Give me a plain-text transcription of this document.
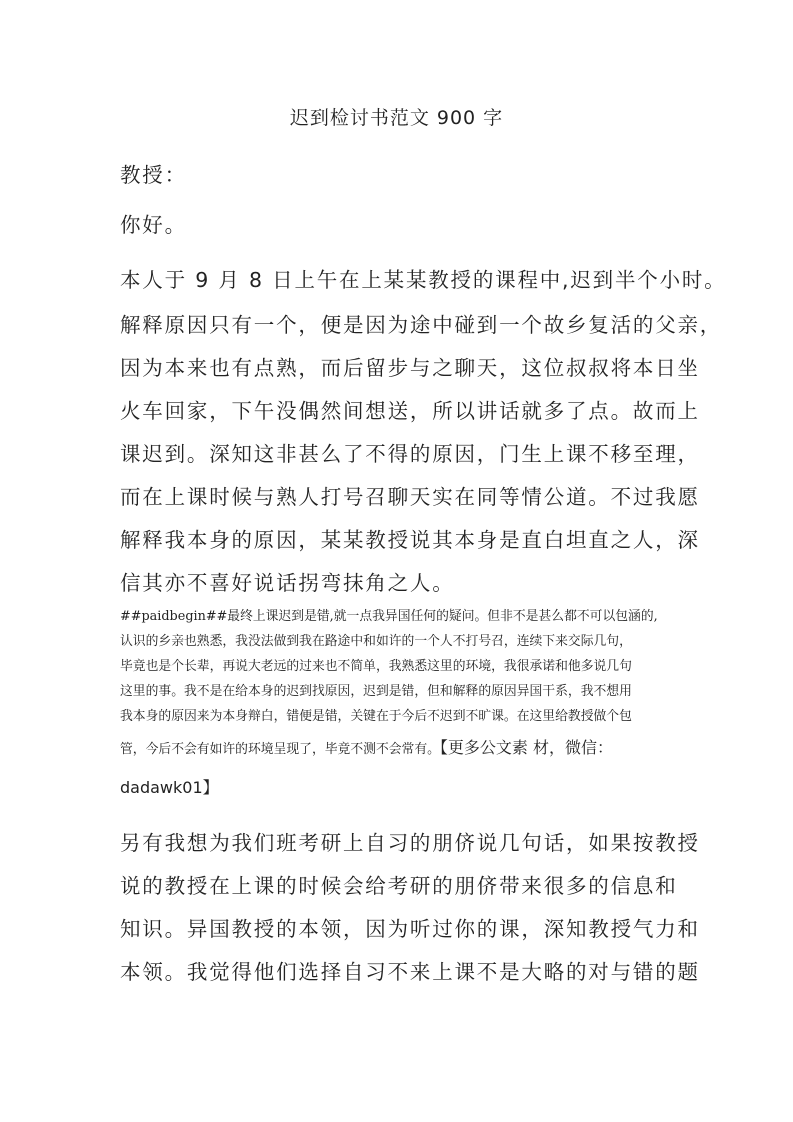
迟到检讨书范文 900 字
教授：
你好。
本人于 9 月 8 日上午在上某某教授的课程中,迟到半个小时。
解释原因只有一个，便是因为途中碰到一个故乡复活的父亲，
因为本来也有点熟，而后留步与之聊天，这位叔叔将本日坐
火车回家，下午没偶然间想送，所以讲话就多了点。故而上
课迟到。深知这非甚么了不得的原因，门生上课不移至理，
而在上课时候与熟人打号召聊天实在同等情公道。不过我愿
解释我本身的原因，某某教授说其本身是直白坦直之人，深
信其亦不喜好说话拐弯抹角之人。
##paidbegin##最终上课迟到是错,就一点我异国任何的疑问。但非不是甚么都不可以包涵的,
认识的乡亲也熟悉，我没法做到我在路途中和如许的一个人不打号召，连续下来交际几句，
毕竟也是个长辈，再说大老远的过来也不简单，我熟悉这里的环境，我很承诺和他多说几句
这里的事。我不是在给本身的迟到找原因，迟到是错，但和解释的原因异国干系，我不想用
我本身的原因来为本身辩白，错便是错，关键在于今后不迟到不旷课。在这里给教授做个包
管，今后不会有如许的环境呈现了，毕竟不测不会常有。【更多公文素 材，微信：
dadawk01】
另有我想为我们班考研上自习的朋侪说几句话，如果按教授
说的教授在上课的时候会给考研的朋侪带来很多的信息和
知识。异国教授的本领，因为听过你的课，深知教授气力和
本领。我觉得他们选择自习不来上课不是大略的对与错的题
